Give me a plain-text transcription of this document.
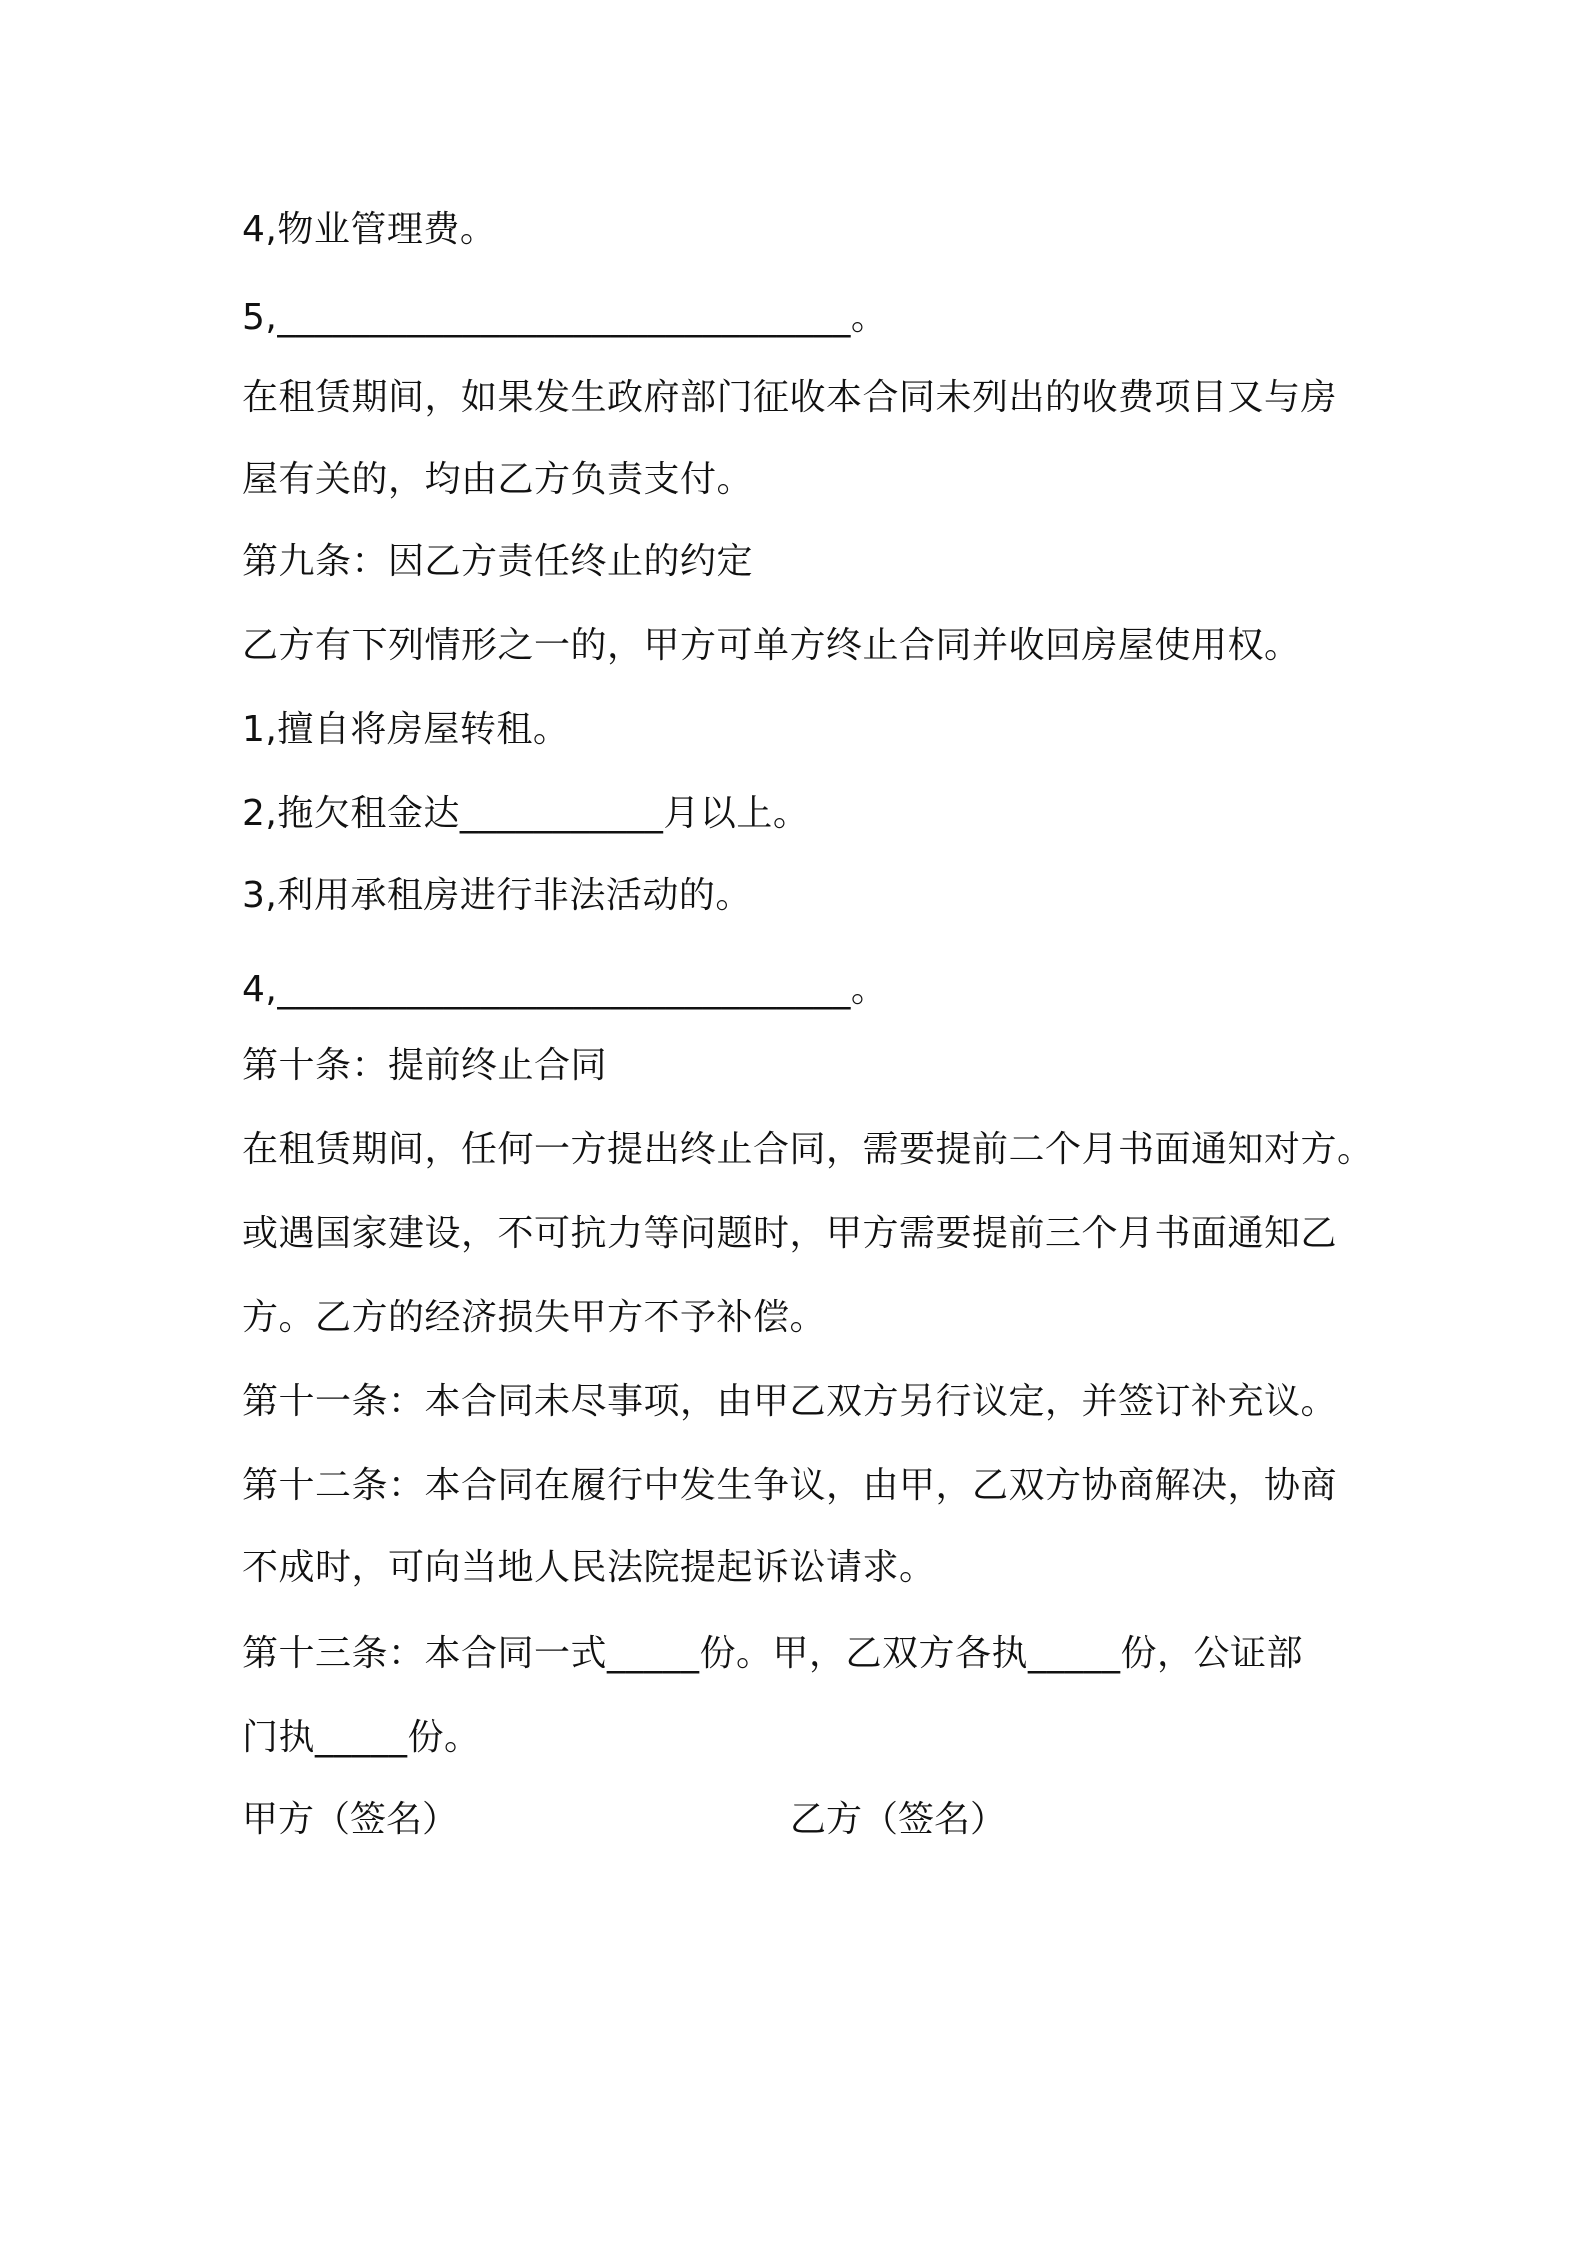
4,物业管理费。

5,_______________________________。

在租赁期间，如果发生政府部门征收本合同未列出的收费项目又与房

屋有关的，均由乙方负责支付。

第九条：因乙方责任终止的约定

乙方有下列情形之一的，甲方可单方终止合同并收回房屋使用权。

1,擅自将房屋转租。

2,拖欠租金达___________月以上。

3,利用承租房进行非法活动的。

4,_______________________________。

第十条：提前终止合同

在租赁期间，任何一方提出终止合同，需要提前二个月书面通知对方。

或遇国家建设，不可抗力等问题时，甲方需要提前三个月书面通知乙

方。乙方的经济损失甲方不予补偿。

第十一条：本合同未尽事项，由甲乙双方另行议定，并签订补充议。

第十二条：本合同在履行中发生争议，由甲，乙双方协商解决，协商

不成时，可向当地人民法院提起诉讼请求。

第十三条：本合同一式_____份。甲，乙双方各执_____份，公证部

门执_____份。

甲方（签名）	乙方（签名）
